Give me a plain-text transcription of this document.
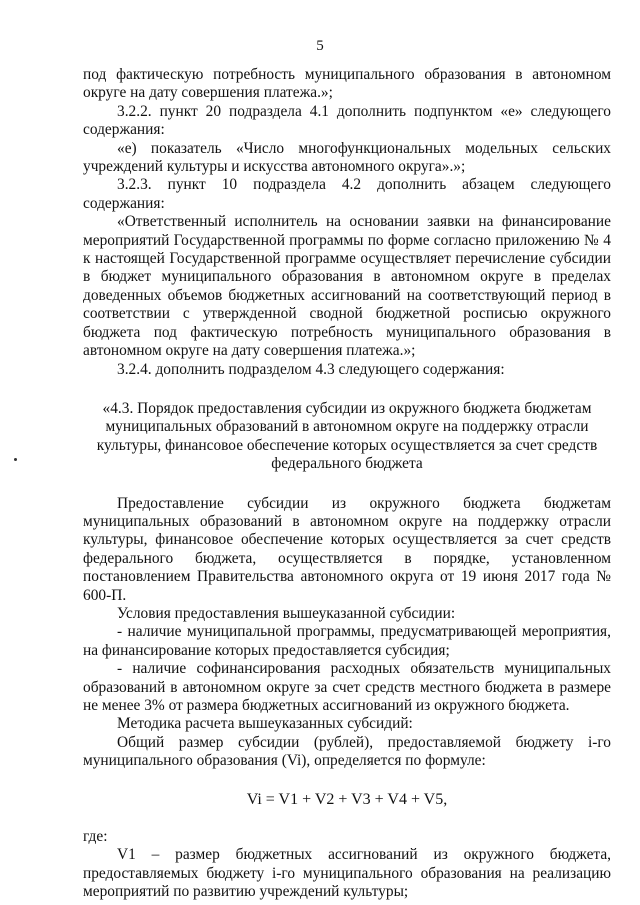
5

под фактическую потребность муниципального образования в автономном округе на дату совершения платежа.»;

3.2.2. пункт 20 подраздела 4.1 дополнить подпунктом «е» следующего содержания:

«е) показатель «Число многофункциональных модельных сельских учреждений культуры и искусства автономного округа».»;

3.2.3. пункт 10 подраздела 4.2 дополнить абзацем следующего содержания:

«Ответственный исполнитель на основании заявки на финансирование мероприятий Государственной программы по форме согласно приложению № 4 к настоящей Государственной программе осуществляет перечисление субсидии в бюджет муниципального образования в автономном округе в пределах доведенных объемов бюджетных ассигнований на соответствующий период в соответствии с утвержденной сводной бюджетной росписью окружного бюджета под фактическую потребность муниципального образования в автономном округе на дату совершения платежа.»;

3.2.4. дополнить подразделом 4.3 следующего содержания:

«4.3. Порядок предоставления субсидии из окружного бюджета бюджетам муниципальных образований в автономном округе на поддержку отрасли культуры, финансовое обеспечение которых осуществляется за счет средств федерального бюджета

Предоставление субсидии из окружного бюджета бюджетам муниципальных образований в автономном округе на поддержку отрасли культуры, финансовое обеспечение которых осуществляется за счет средств федерального бюджета, осуществляется в порядке, установленном постановлением Правительства автономного округа от 19 июня 2017 года № 600-П.

Условия предоставления вышеуказанной субсидии:

- наличие муниципальной программы, предусматривающей мероприятия, на финансирование которых предоставляется субсидия;

- наличие софинансирования расходных обязательств муниципальных образований в автономном округе за счет средств местного бюджета в размере не менее 3% от размера бюджетных ассигнований из окружного бюджета.

Методика расчета вышеуказанных субсидий:

Общий размер субсидии (рублей), предоставляемой бюджету i-го муниципального образования (Vi), определяется по формуле:

Vi = V1 + V2 + V3 + V4 + V5,

где:

V1 – размер бюджетных ассигнований из окружного бюджета, предоставляемых бюджету i-го муниципального образования на реализацию мероприятий по развитию учреждений культуры;
